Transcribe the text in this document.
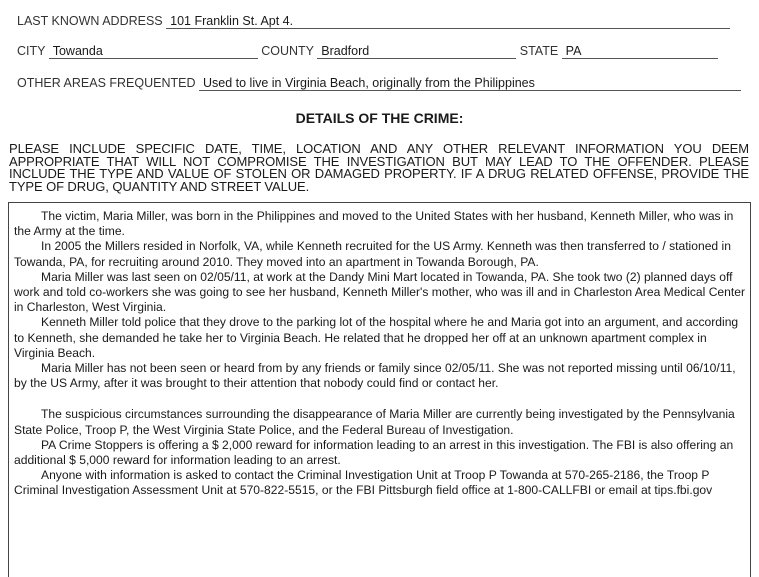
LAST KNOWN ADDRESS 101 Franklin St. Apt 4.
CITY Towanda	COUNTY Bradford	STATE PA
OTHER AREAS FREQUENTED Used to live in Virginia Beach, originally from the Philippines
DETAILS OF THE CRIME:
PLEASE INCLUDE SPECIFIC DATE, TIME, LOCATION AND ANY OTHER RELEVANT INFORMATION YOU DEEM APPROPRIATE THAT WILL NOT COMPROMISE THE INVESTIGATION BUT MAY LEAD TO THE OFFENDER. PLEASE INCLUDE THE TYPE AND VALUE OF STOLEN OR DAMAGED PROPERTY. IF A DRUG RELATED OFFENSE, PROVIDE THE TYPE OF DRUG, QUANTITY AND STREET VALUE.

The victim, Maria Miller, was born in the Philippines and moved to the United States with her husband, Kenneth Miller, who was in the Army at the time.

In 2005 the Millers resided in Norfolk, VA, while Kenneth recruited for the US Army. Kenneth was then transferred to / stationed in Towanda, PA, for recruiting around 2010. They moved into an apartment in Towanda Borough, PA.

Maria Miller was last seen on 02/05/11, at work at the Dandy Mini Mart located in Towanda, PA. She took two (2) planned days off work and told co-workers she was going to see her husband, Kenneth Miller's mother, who was ill and in Charleston Area Medical Center in Charleston, West Virginia.

Kenneth Miller told police that they drove to the parking lot of the hospital where he and Maria got into an argument, and according to Kenneth, she demanded he take her to Virginia Beach. He related that he dropped her off at an unknown apartment complex in Virginia Beach.

Maria Miller has not been seen or heard from by any friends or family since 02/05/11. She was not reported missing until 06/10/11, by the US Army, after it was brought to their attention that nobody could find or contact her.

The suspicious circumstances surrounding the disappearance of Maria Miller are currently being investigated by the Pennsylvania State Police, Troop P, the West Virginia State Police, and the Federal Bureau of Investigation.

PA Crime Stoppers is offering a $ 2,000 reward for information leading to an arrest in this investigation. The FBI is also offering an additional $ 5,000 reward for information leading to an arrest.

Anyone with information is asked to contact the Criminal Investigation Unit at Troop P Towanda at 570-265-2186, the Troop P Criminal Investigation Assessment Unit at 570-822-5515, or the FBI Pittsburgh field office at 1-800-CALLFBI or email at tips.fbi.gov
